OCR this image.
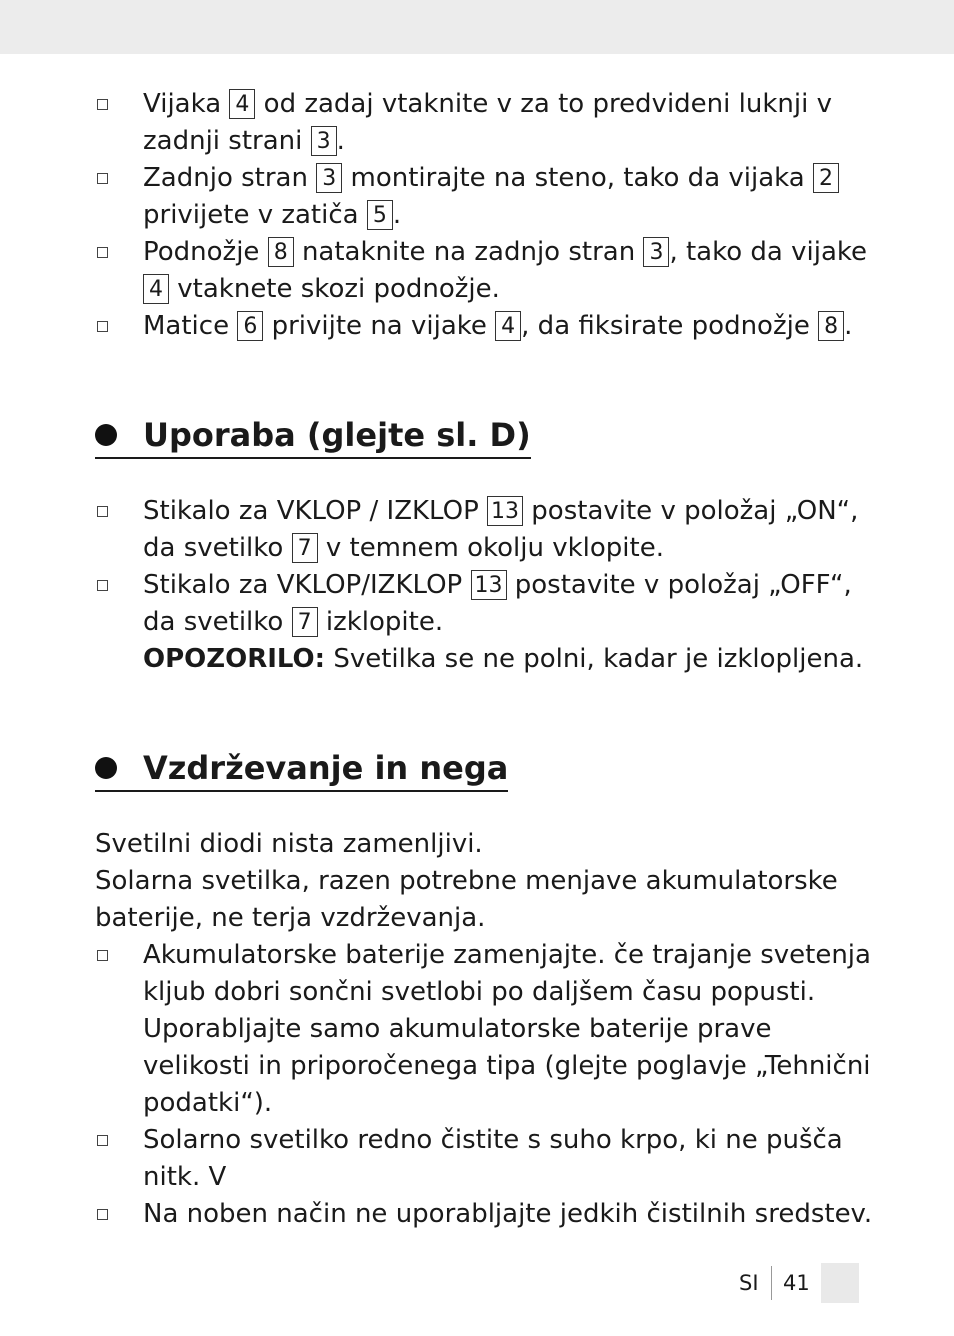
Vijaka 4 od zadaj vtaknite v za to predvideni luknji v zadnji strani 3 .
Zadnjo stran 3 montirajte na steno, tako da vijaka 2 privijete v zatiča 5 .
Podnožje 8 nataknite na zadnjo stran 3 , tako da vijake 4 vtaknete skozi podnožje.
Matice 6 privijte na vijake 4 , da fiksirate podnožje 8 .
Uporaba (glejte sl. D)
Stikalo za VKLOP / IZKLOP 13 postavite v položaj „ON“, da svetilko 7 v temnem okolju vklopite.
Stikalo za VKLOP/IZKLOP 13 postavite v položaj „OFF“, da svetilko 7 izklopite.
OPOZORILO: Svetilka se ne polni, kadar je izklopljena.
Vzdrževanje in nega
Svetilni diodi nista zamenljivi.
Solarna svetilka, razen potrebne menjave akumulatorske baterije, ne terja vzdrževanja.
Akumulatorske baterije zamenjajte. če trajanje svetenja kljub dobri sončni svetlobi po daljšem času popusti. Uporabljajte samo akumulatorske baterije prave velikosti in priporočenega tipa (glejte poglavje „Tehnični podatki“).
Solarno svetilko redno čistite s suho krpo, ki ne pušča nitk. V
Na noben način ne uporabljajte jedkih čistilnih sredstev.
SI 41
